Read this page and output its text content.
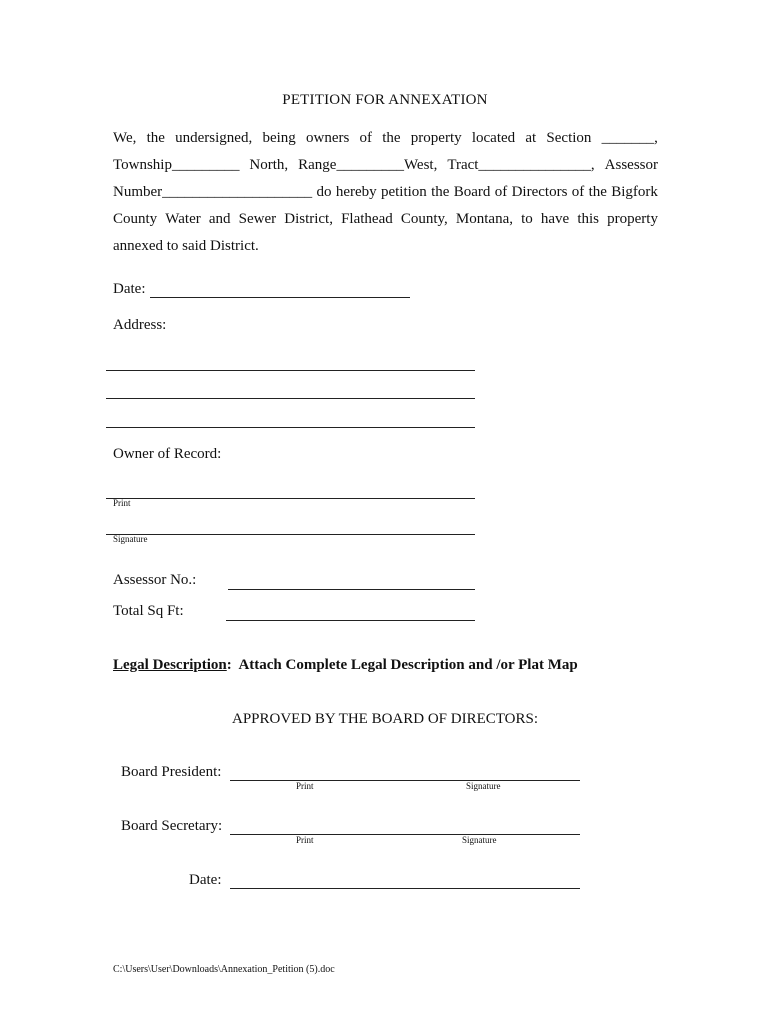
PETITION FOR ANNEXATION
We, the undersigned, being owners of the property located at Section _______,
Township_________ North, Range_________West, Tract_______________, Assessor
Number____________________ do hereby petition the Board of Directors of the Bigfork
County Water and Sewer District, Flathead County, Montana, to have this property
annexed to said District.
Date:
Address:
Owner of Record:
Print
Signature
Assessor No.:
Total Sq Ft:
Legal Description: Attach Complete Legal Description and /or Plat Map
APPROVED BY THE BOARD OF DIRECTORS:
Board President:
Print	Signature
Board Secretary:
Print	Signature
Date:
C:\Users\User\Downloads\Annexation_Petition (5).doc
